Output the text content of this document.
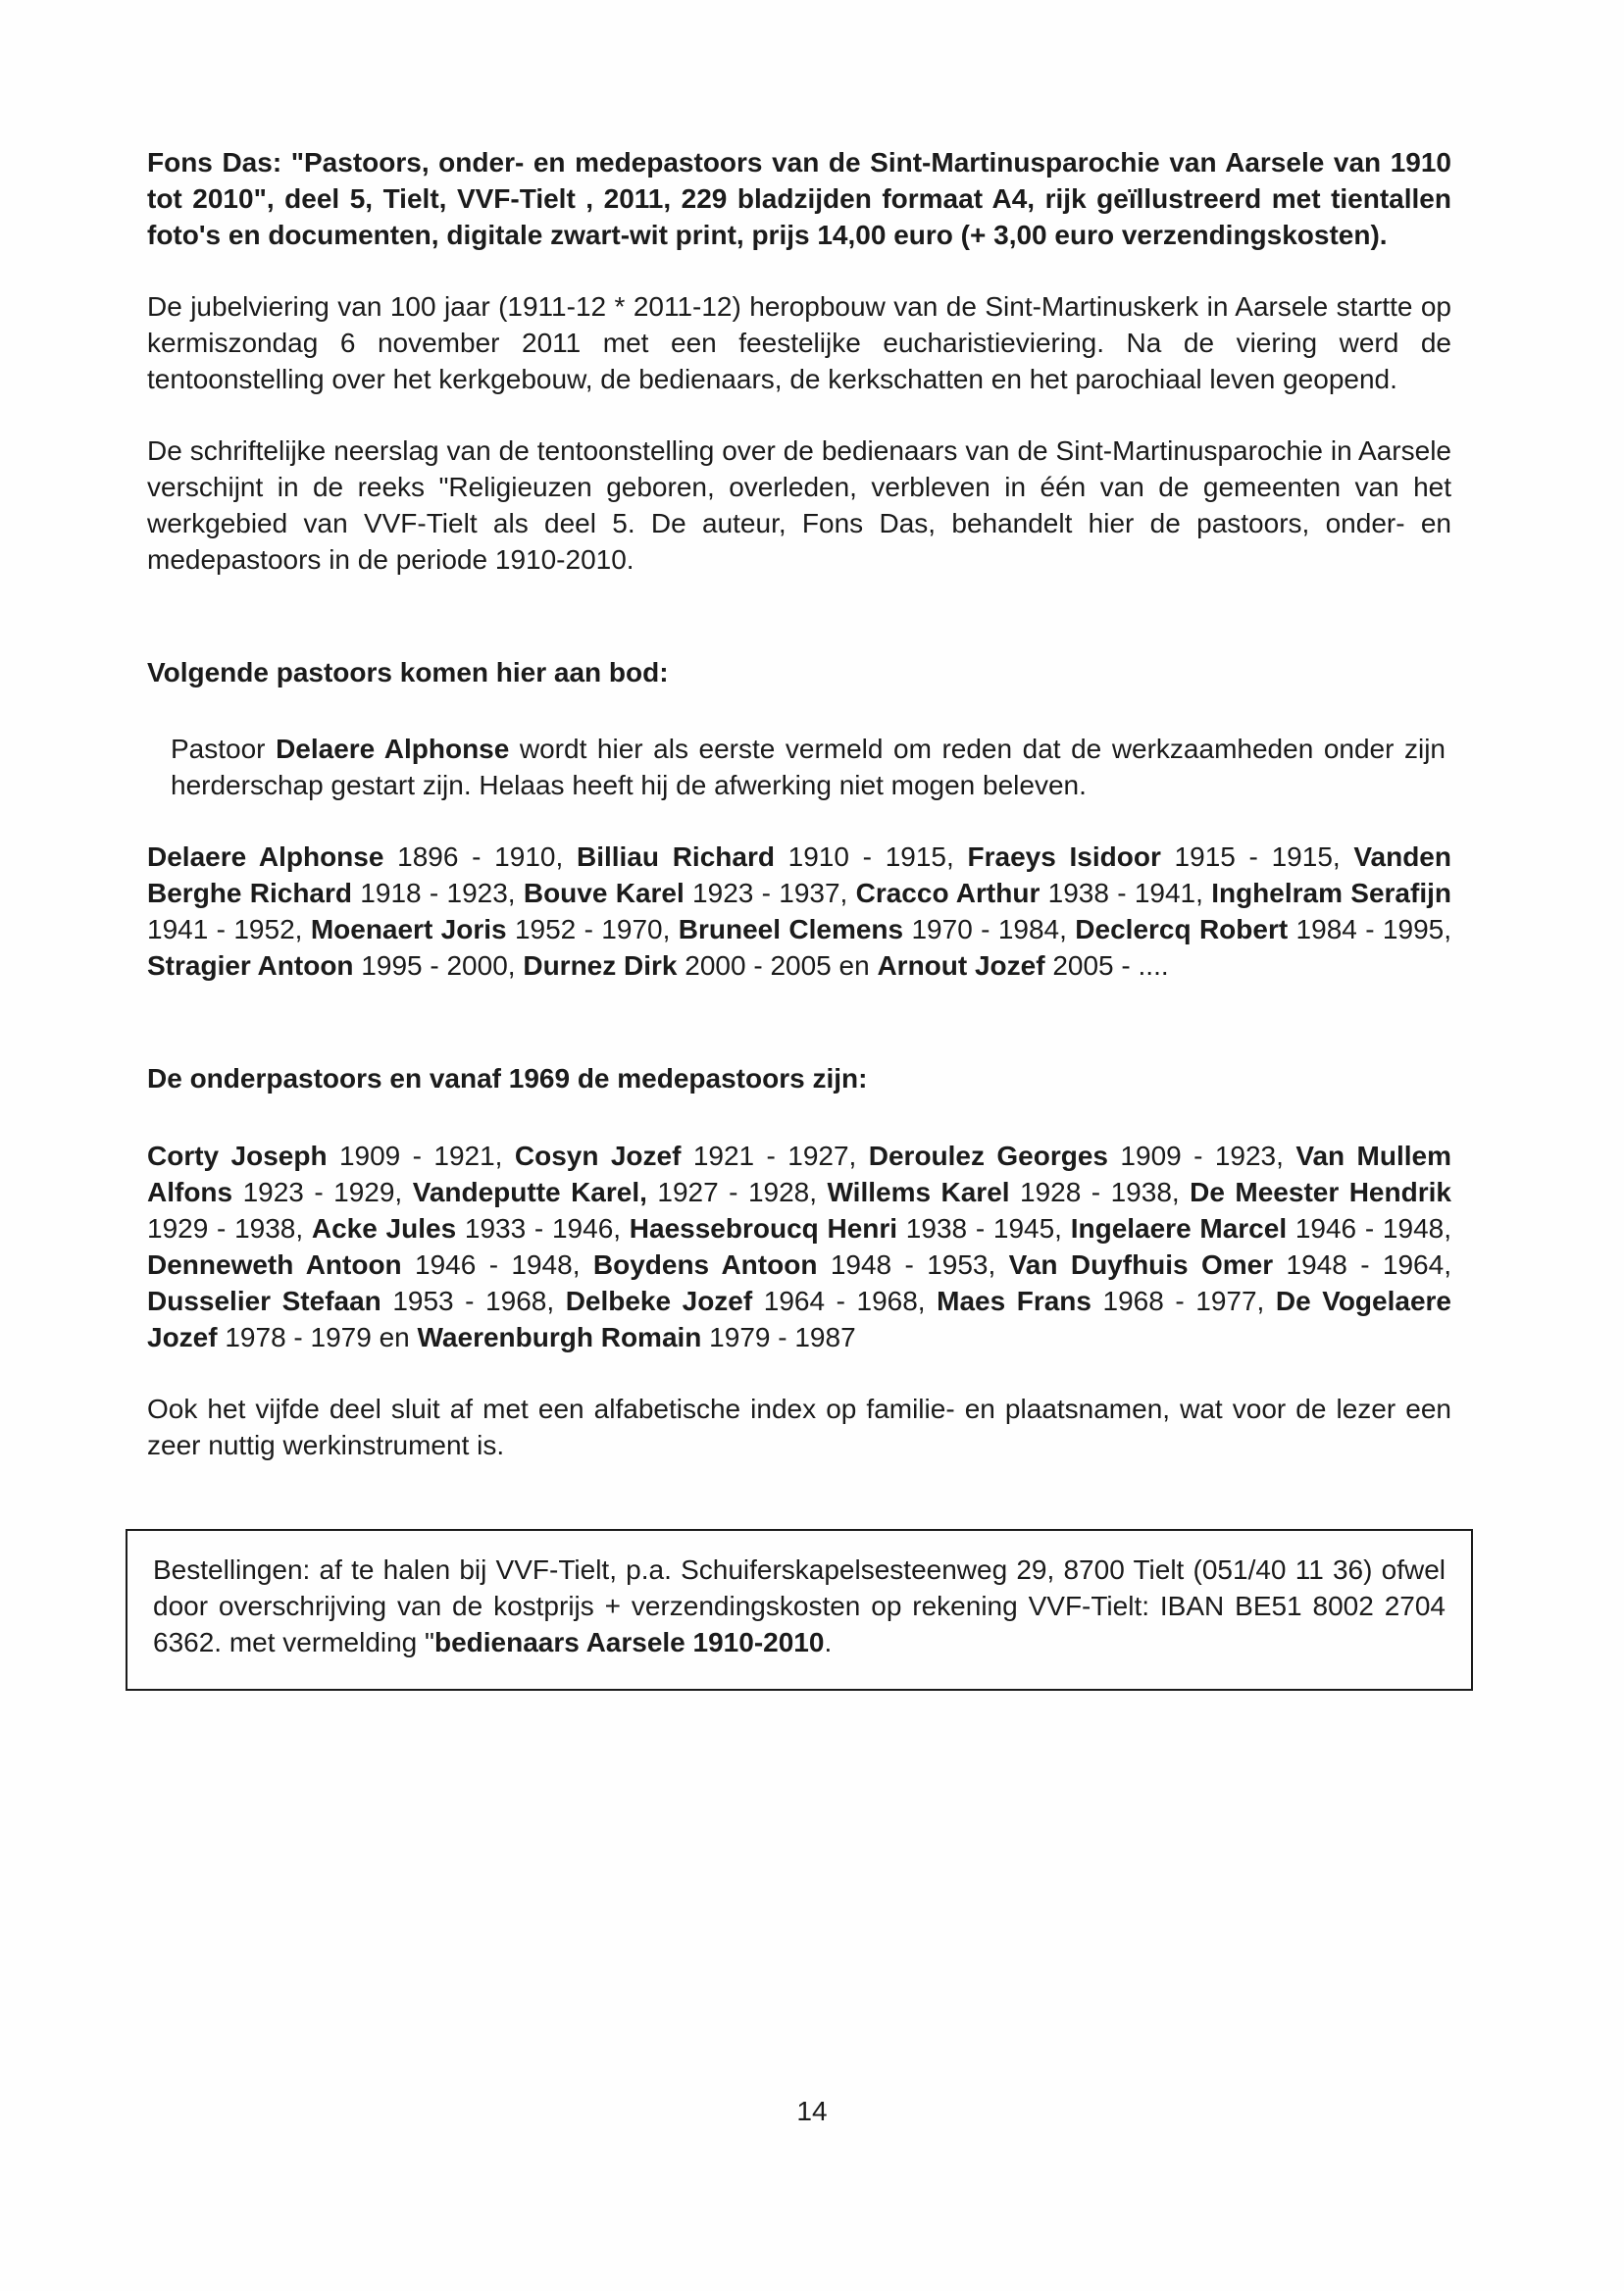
Fons Das: "Pastoors, onder- en medepastoors van de Sint-Martinusparochie van Aarsele van 1910 tot 2010", deel 5, Tielt, VVF-Tielt , 2011, 229 bladzijden formaat A4, rijk geïllustreerd met tientallen foto's en documenten, digitale zwart-wit print, prijs 14,00 euro (+ 3,00 euro verzendingskosten).

De jubelviering van 100 jaar (1911-12 * 2011-12) heropbouw van de Sint-Martinuskerk in Aarsele startte op kermiszondag 6 november 2011 met een feestelijke eucharistieviering. Na de viering werd de tentoonstelling over het kerkgebouw, de bedienaars, de kerkschatten en het parochiaal leven geopend.

De schriftelijke neerslag van de tentoonstelling over de bedienaars van de Sint-Martinusparochie in Aarsele verschijnt in de reeks "Religieuzen geboren, overleden, verbleven in één van de gemeenten van het werkgebied van VVF-Tielt als deel 5. De auteur, Fons Das, behandelt hier de pastoors, onder- en medepastoors in de periode 1910-2010.

Volgende pastoors komen hier aan bod:

Pastoor Delaere Alphonse wordt hier als eerste vermeld om reden dat de werkzaamheden onder zijn herderschap gestart zijn. Helaas heeft hij de afwerking niet mogen beleven.

Delaere Alphonse 1896 - 1910, Billiau Richard 1910 - 1915, Fraeys Isidoor 1915 - 1915, Vanden Berghe Richard 1918 - 1923, Bouve Karel 1923 - 1937, Cracco Arthur 1938 - 1941, Inghelram Serafijn 1941 - 1952, Moenaert Joris 1952 - 1970, Bruneel Clemens 1970 - 1984, Declercq Robert 1984 - 1995, Stragier Antoon 1995 - 2000, Durnez Dirk 2000 - 2005 en Arnout Jozef 2005 - ....

De onderpastoors en vanaf 1969 de medepastoors zijn:

Corty Joseph 1909 - 1921, Cosyn Jozef 1921 - 1927, Deroulez Georges 1909 - 1923, Van Mullem Alfons 1923 - 1929, Vandeputte Karel, 1927 - 1928, Willems Karel 1928 - 1938, De Meester Hendrik 1929 - 1938, Acke Jules 1933 - 1946, Haessebroucq Henri 1938 - 1945, Ingelaere Marcel 1946 - 1948, Denneweth Antoon 1946 - 1948, Boydens Antoon 1948 - 1953, Van Duyfhuis Omer 1948 - 1964, Dusselier Stefaan 1953 - 1968, Delbeke Jozef 1964 - 1968, Maes Frans 1968 - 1977, De Vogelaere Jozef 1978 - 1979 en Waerenburgh Romain 1979 - 1987

Ook het vijfde deel sluit af met een alfabetische index op familie- en plaatsnamen, wat voor de lezer een zeer nuttig werkinstrument is.

Bestellingen: af te halen bij VVF-Tielt, p.a. Schuiferskapelsesteenweg 29, 8700 Tielt (051/40 11 36) ofwel door overschrijving van de kostprijs + verzendingskosten op rekening VVF-Tielt: IBAN BE51 8002 2704 6362. met vermelding "bedienaars Aarsele 1910-2010.

14
